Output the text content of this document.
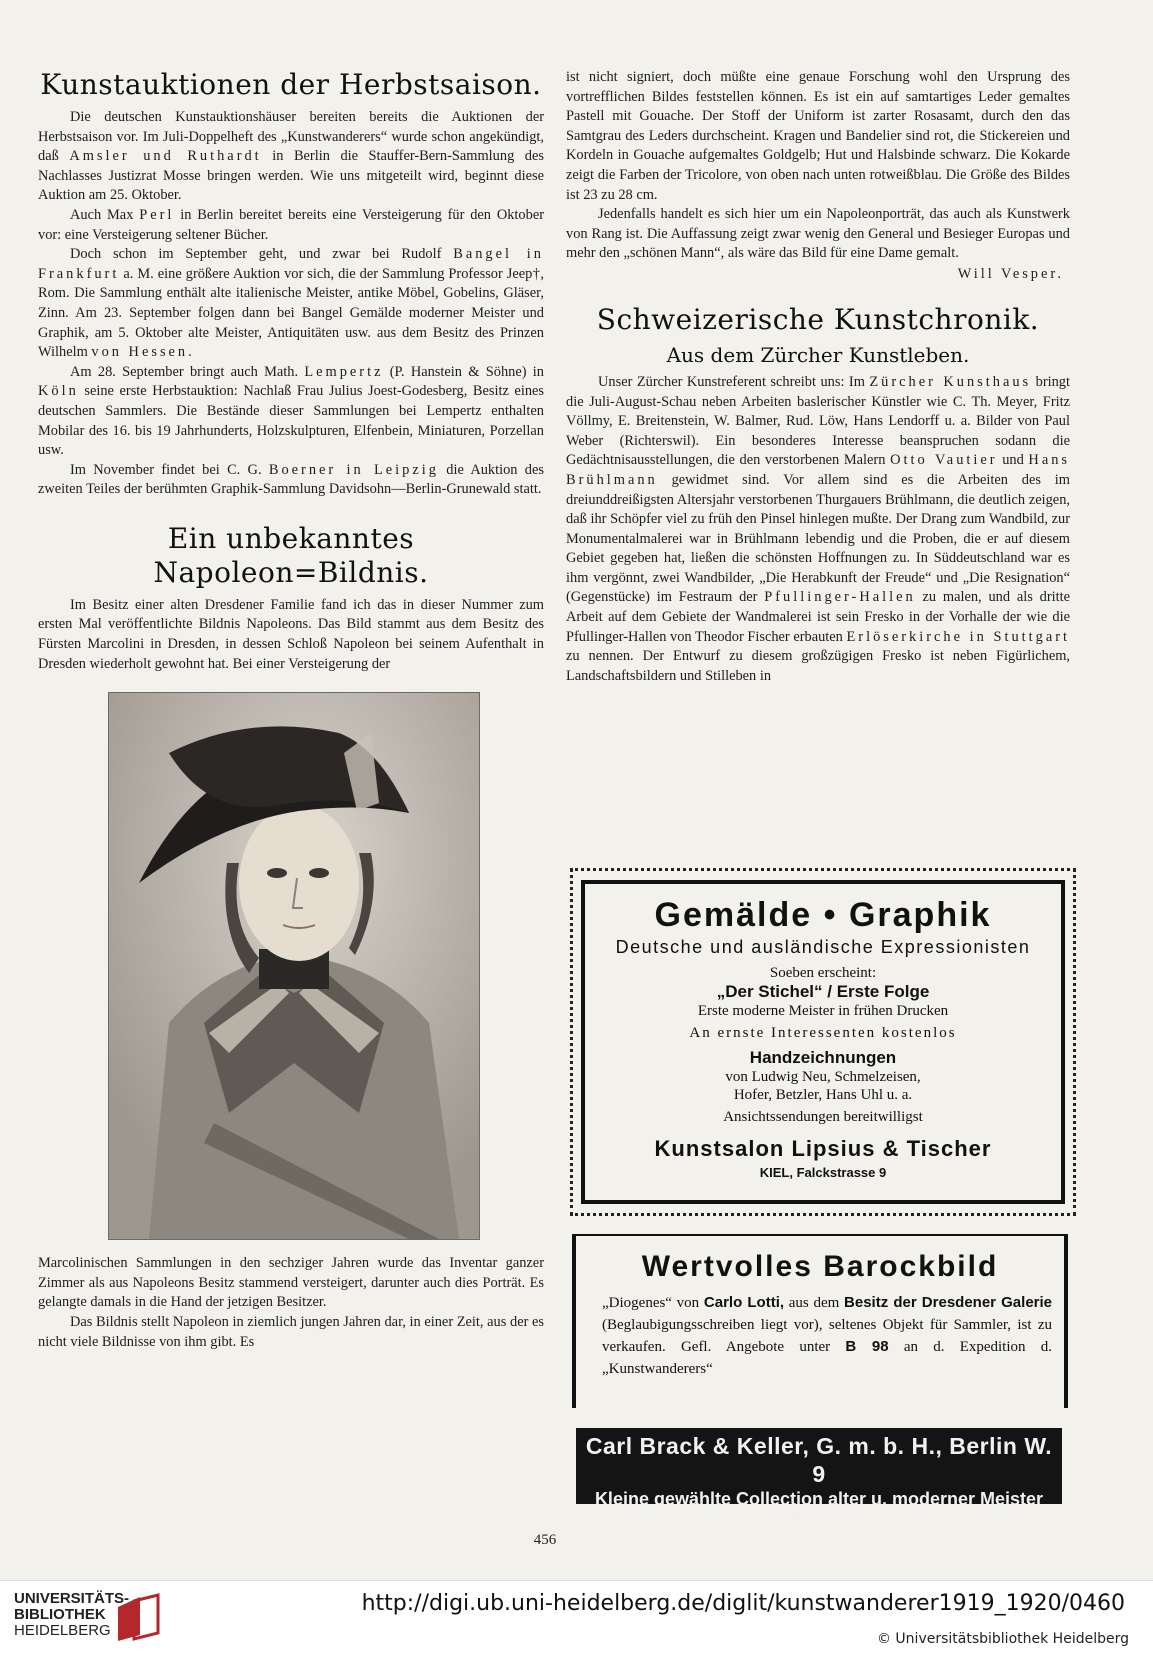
Kunstauktionen der Herbstsaison.

Die deutschen Kunstauktionshäuser bereiten bereits die Auktionen der Herbstsaison vor. Im Juli-Doppelheft des „Kunstwanderers“ wurde schon angekündigt, daß Amsler und Ruthardt in Berlin die Stauffer-Bern-Sammlung des Nachlasses Justizrat Mosse bringen werden. Wie uns mitgeteilt wird, beginnt diese Auktion am 25. Oktober.

Auch Max Perl in Berlin bereitet bereits eine Versteigerung für den Oktober vor: eine Versteigerung seltener Bücher.

Doch schon im September geht, und zwar bei Rudolf Bangel in Frankfurt a. M. eine größere Auktion vor sich, die der Sammlung Professor Jeep†, Rom. Die Sammlung enthält alte italienische Meister, antike Möbel, Gobelins, Gläser, Zinn. Am 23. September folgen dann bei Bangel Gemälde moderner Meister und Graphik, am 5. Oktober alte Meister, Antiquitäten usw. aus dem Besitz des Prinzen Wilhelm von Hessen.

Am 28. September bringt auch Math. Lempertz (P. Hanstein & Söhne) in Köln seine erste Herbstauktion: Nachlaß Frau Julius Joest-Godesberg, Besitz eines deutschen Sammlers. Die Bestände dieser Sammlungen bei Lempertz enthalten Mobilar des 16. bis 19 Jahrhunderts, Holzskulpturen, Elfenbein, Miniaturen, Porzellan usw.

Im November findet bei C. G. Boerner in Leipzig die Auktion des zweiten Teiles der berühmten Graphik-Sammlung Davidsohn—Berlin-Grunewald statt.

Ein unbekanntes Napoleon=Bildnis.

Im Besitz einer alten Dresdener Familie fand ich das in dieser Nummer zum ersten Mal veröffentlichte Bildnis Napoleons. Das Bild stammt aus dem Besitz des Fürsten Marcolini in Dresden, in dessen Schloß Napoleon bei seinem Aufenthalt in Dresden wiederholt gewohnt hat. Bei einer Versteigerung der

Marcolinischen Sammlungen in den sechziger Jahren wurde das Inventar ganzer Zimmer als aus Napoleons Besitz stammend versteigert, darunter auch dies Porträt. Es gelangte damals in die Hand der jetzigen Besitzer.

Das Bildnis stellt Napoleon in ziemlich jungen Jahren dar, in einer Zeit, aus der es nicht viele Bildnisse von ihm gibt. Es

ist nicht signiert, doch müßte eine genaue Forschung wohl den Ursprung des vortrefflichen Bildes feststellen können. Es ist ein auf samtartiges Leder gemaltes Pastell mit Gouache. Der Stoff der Uniform ist zarter Rosasamt, durch den das Samtgrau des Leders durchscheint. Kragen und Bandelier sind rot, die Stickereien und Kordeln in Gouache aufgemaltes Goldgelb; Hut und Halsbinde schwarz. Die Kokarde zeigt die Farben der Tricolore, von oben nach unten rotweißblau. Die Größe des Bildes ist 23 zu 28 cm.

Jedenfalls handelt es sich hier um ein Napoleonporträt, das auch als Kunstwerk von Rang ist. Die Auffassung zeigt zwar wenig den General und Besieger Europas und mehr den „schönen Mann“, als wäre das Bild für eine Dame gemalt.

Will Vesper.
Schweizerische Kunstchronik.
Aus dem Zürcher Kunstleben.

Unser Zürcher Kunstreferent schreibt uns: Im Zürcher Kunsthaus bringt die Juli-August-Schau neben Arbeiten baslerischer Künstler wie C. Th. Meyer, Fritz Völlmy, E. Breitenstein, W. Balmer, Rud. Löw, Hans Lendorff u. a. Bilder von Paul Weber (Richterswil). Ein besonderes Interesse beanspruchen sodann die Gedächtnisausstellungen, die den verstorbenen Malern Otto Vautier und Hans Brühlmann gewidmet sind. Vor allem sind es die Arbeiten des im dreiunddreißigsten Altersjahr verstorbenen Thurgauers Brühlmann, die deutlich zeigen, daß ihr Schöpfer viel zu früh den Pinsel hinlegen mußte. Der Drang zum Wandbild, zur Monumentalmalerei war in Brühlmann lebendig und die Proben, die er auf diesem Gebiet gegeben hat, ließen die schönsten Hoffnungen zu. In Süddeutschland war es ihm vergönnt, zwei Wandbilder, „Die Herabkunft der Freude“ und „Die Resignation“ (Gegenstücke) im Festraum der Pfullinger-Hallen zu malen, und als dritte Arbeit auf dem Gebiete der Wandmalerei ist sein Fresko in der Vorhalle der wie die Pfullinger-Hallen von Theodor Fischer erbauten Erlöserkirche in Stuttgart zu nennen. Der Entwurf zu diesem großzügigen Fresko ist neben Figürlichem, Landschaftsbildern und Stilleben in

Gemälde • Graphik
Deutsche und ausländische Expressionisten
Soeben erscheint:
„Der Stichel“ / Erste Folge
Erste moderne Meister in frühen Drucken
An ernste Interessenten kostenlos
Handzeichnungen
von Ludwig Neu, Schmelzeisen,
Hofer, Betzler, Hans Uhl u. a.
Ansichtssendungen bereitwilligst
Kunstsalon Lipsius & Tischer
KIEL, Falckstrasse 9
Wertvolles Barockbild
„Diogenes“ von Carlo Lotti, aus dem Besitz der Dresdener Galerie (Beglaubigungsschreiben liegt vor), seltenes Objekt für Sammler, ist zu verkaufen. Gefl. Angebote unter B 98 an d. Expedition d. „Kunstwanderers“
Carl Brack & Keller, G. m. b. H., Berlin W. 9
Kleine gewählte Collection alter u. moderner Meister
Ankauf	Angebote erbeten	Verkauf
456
UNIVERSITÄTS-
BIBLIOTHEK
HEIDELBERG
http://digi.ub.uni-heidelberg.de/diglit/kunstwanderer1919_1920/0460
© Universitätsbibliothek Heidelberg
